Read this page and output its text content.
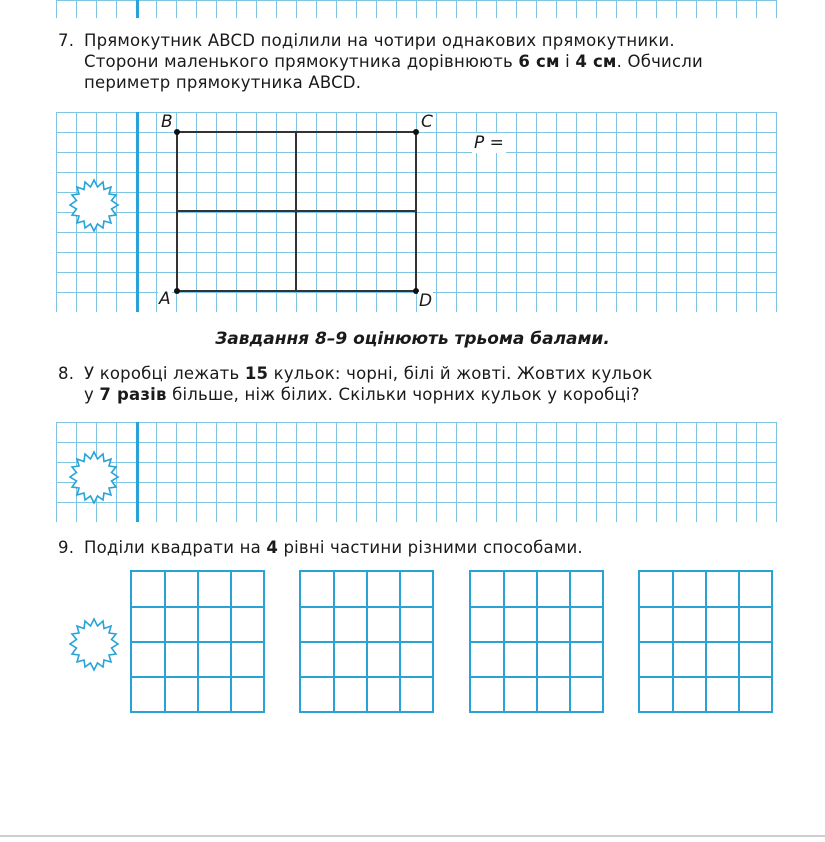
7. Прямокутник ABCD поділили на чотири однакових прямокутники.
Сторони маленького прямокутника дорівнюють 6 см і 4 см. Обчисли
периметр прямокутника ABCD.
B	C
A	D
P =
Завдання 8–9 оцінюють трьома балами.
8. У коробці лежать 15 кульок: чорні, білі й жовті. Жовтих кульок
у 7 разів більше, ніж білих. Скільки чорних кульок у коробці?
9. Поділи квадрати на 4 рівні частини різними способами.
